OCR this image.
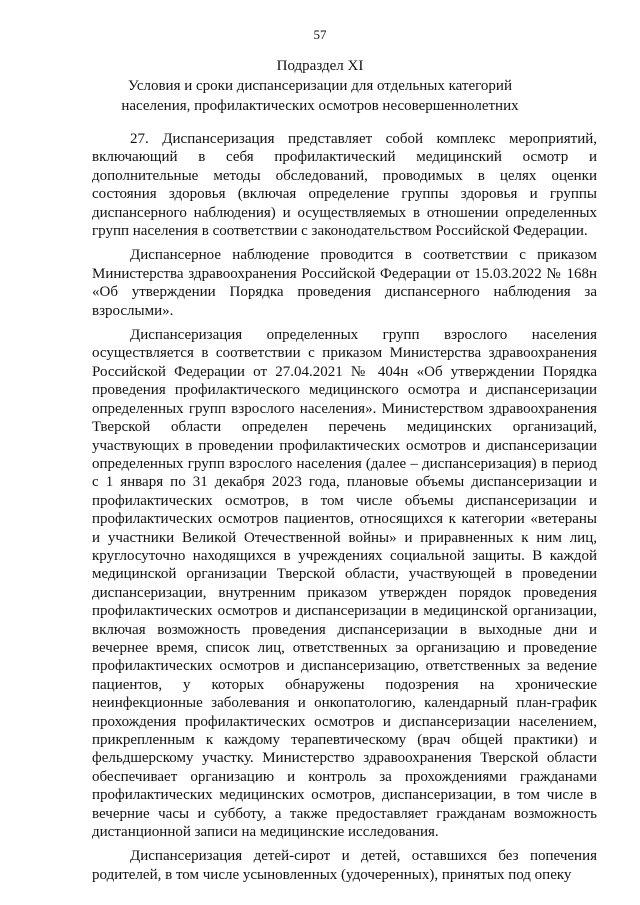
57
Подраздел XI
Условия и сроки диспансеризации для отдельных категорий
населения, профилактических осмотров несовершеннолетних

27. Диспансеризация представляет собой комплекс мероприятий, включающий в себя профилактический медицинский осмотр и дополнительные методы обследований, проводимых в целях оценки состояния здоровья (включая определение группы здоровья и группы диспансерного наблюдения) и осуществляемых в отношении определенных групп населения в соответствии с законодательством Российской Федерации.

Диспансерное наблюдение проводится в соответствии с приказом Министерства здравоохранения Российской Федерации от 15.03.2022 № 168н «Об утверждении Порядка проведения диспансерного наблюдения за взрослыми».

Диспансеризация определенных групп взрослого населения осуществляется в соответствии с приказом Министерства здравоохранения Российской Федерации от 27.04.2021 № 404н «Об утверждении Порядка проведения профилактического медицинского осмотра и диспансеризации определенных групп взрослого населения». Министерством здравоохранения Тверской области определен перечень медицинских организаций, участвующих в проведении профилактических осмотров и диспансеризации определенных групп взрослого населения (далее – диспансеризация) в период с 1 января по 31 декабря 2023 года, плановые объемы диспансеризации и профилактических осмотров, в том числе объемы диспансеризации и профилактических осмотров пациентов, относящихся к категории «ветераны и участники Великой Отечественной войны» и приравненных к ним лиц, круглосуточно находящихся в учреждениях социальной защиты. В каждой медицинской организации Тверской области, участвующей в проведении диспансеризации, внутренним приказом утвержден порядок проведения профилактических осмотров и диспансеризации в медицинской организации, включая возможность проведения диспансеризации в выходные дни и вечернее время, список лиц, ответственных за организацию и проведение профилактических осмотров и диспансеризацию, ответственных за ведение пациентов, у которых обнаружены подозрения на хронические неинфекционные заболевания и онкопатологию, календарный план-график прохождения профилактических осмотров и диспансеризации населением, прикрепленным к каждому терапевтическому (врач общей практики) и фельдшерскому участку. Министерство здравоохранения Тверской области обеспечивает организацию и контроль за прохождениями гражданами профилактических медицинских осмотров, диспансеризации, в том числе в вечерние часы и субботу, а также предоставляет гражданам возможность дистанционной записи на медицинские исследования.

Диспансеризация детей-сирот и детей, оставшихся без попечения родителей, в том числе усыновленных (удочеренных), принятых под опеку
